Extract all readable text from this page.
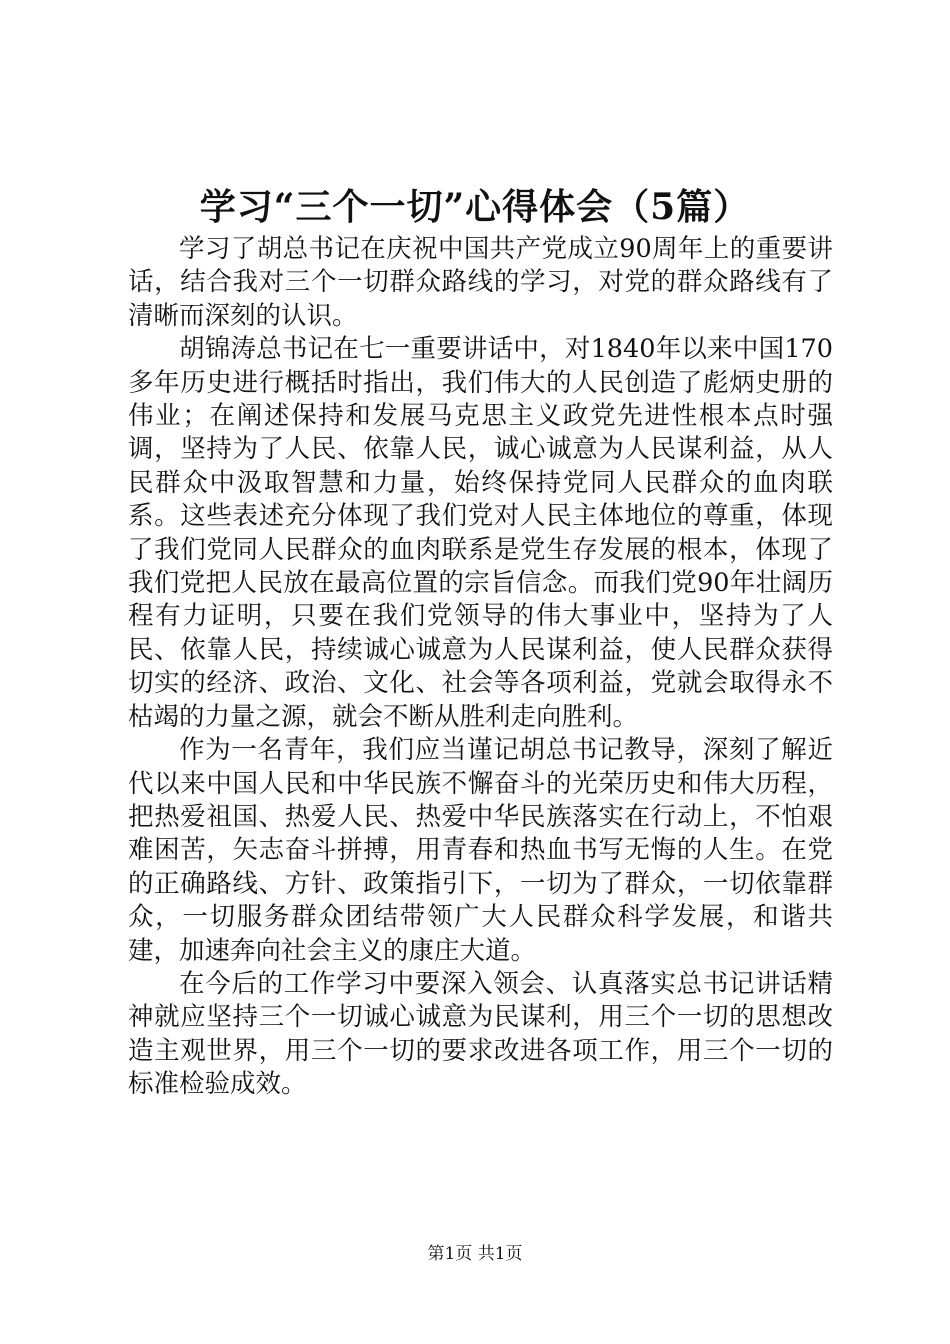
学习“三个一切”心得体会（5篇）

学习了胡总书记在庆祝中国共产党成立90周年上的重要讲话，结合我对三个一切群众路线的学习，对党的群众路线有了清晰而深刻的认识。

胡锦涛总书记在七一重要讲话中，对1840年以来中国170多年历史进行概括时指出，我们伟大的人民创造了彪炳史册的伟业；在阐述保持和发展马克思主义政党先进性根本点时强调，坚持为了人民、依靠人民，诚心诚意为人民谋利益，从人民群众中汲取智慧和力量，始终保持党同人民群众的血肉联系。这些表述充分体现了我们党对人民主体地位的尊重，体现了我们党同人民群众的血肉联系是党生存发展的根本，体现了我们党把人民放在最高位置的宗旨信念。而我们党90年壮阔历程有力证明，只要在我们党领导的伟大事业中，坚持为了人民、依靠人民，持续诚心诚意为人民谋利益，使人民群众获得切实的经济、政治、文化、社会等各项利益，党就会取得永不枯竭的力量之源，就会不断从胜利走向胜利。

作为一名青年，我们应当谨记胡总书记教导，深刻了解近代以来中国人民和中华民族不懈奋斗的光荣历史和伟大历程，把热爱祖国、热爱人民、热爱中华民族落实在行动上，不怕艰难困苦，矢志奋斗拼搏，用青春和热血书写无悔的人生。在党的正确路线、方针、政策指引下，一切为了群众，一切依靠群众，一切服务群众团结带领广大人民群众科学发展，和谐共建，加速奔向社会主义的康庄大道。

在今后的工作学习中要深入领会、认真落实总书记讲话精神就应坚持三个一切诚心诚意为民谋利，用三个一切的思想改造主观世界，用三个一切的要求改进各项工作，用三个一切的标准检验成效。

第1页 共1页
